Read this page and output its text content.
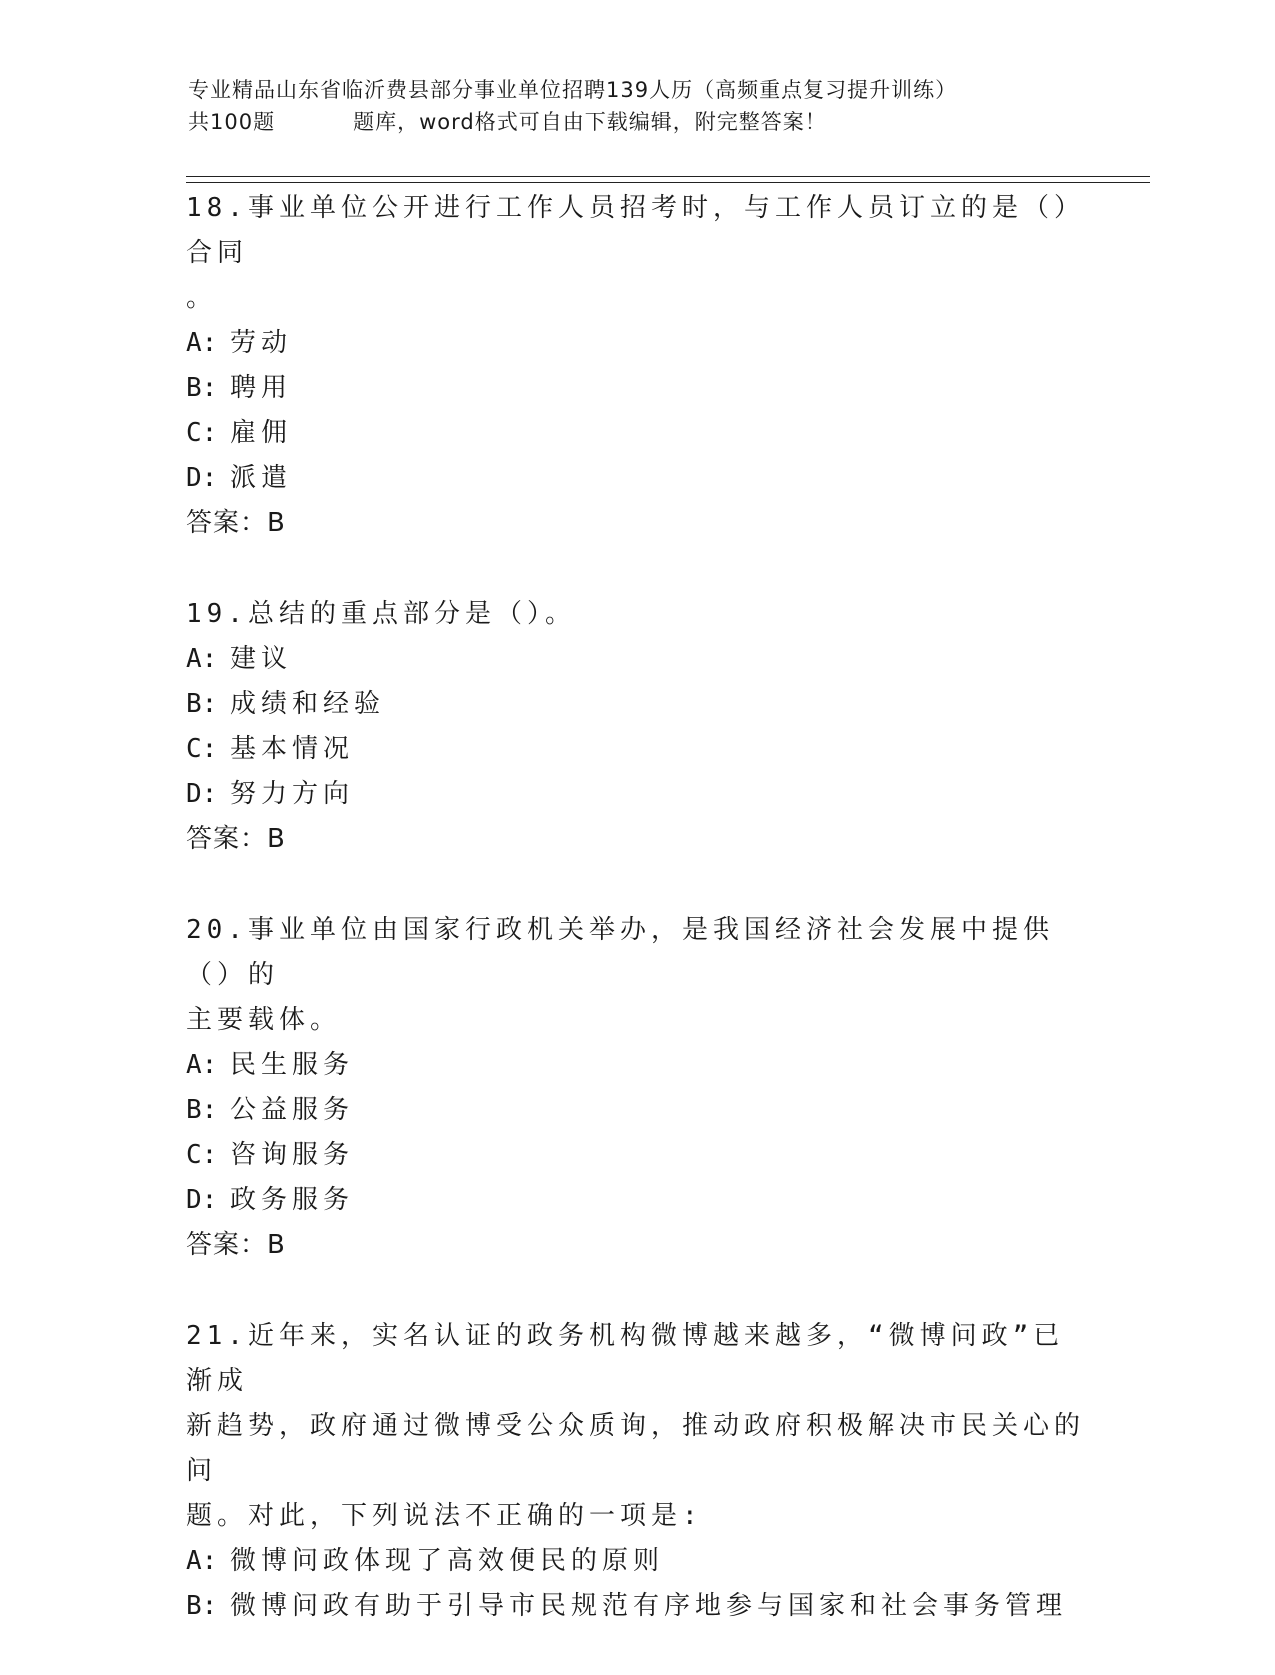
专业精品山东省临沂费县部分事业单位招聘139人历（高频重点复习提升训练）
共100题	题库，word格式可自由下载编辑，附完整答案！
18.事业单位公开进行工作人员招考时，与工作人员订立的是（）合同
。
A: 劳动
B: 聘用
C: 雇佣
D: 派遣
答案：B
19.总结的重点部分是（）。
A: 建议
B: 成绩和经验
C: 基本情况
D: 努力方向
答案：B
20.事业单位由国家行政机关举办，是我国经济社会发展中提供（）的
主要载体。
A: 民生服务
B: 公益服务
C: 咨询服务
D: 政务服务
答案：B
21.近年来，实名认证的政务机构微博越来越多，“微博问政”已渐成
新趋势，政府通过微博受公众质询，推动政府积极解决市民关心的问
题。对此，下列说法不正确的一项是:
A: 微博问政体现了高效便民的原则
B: 微博问政有助于引导市民规范有序地参与国家和社会事务管理
